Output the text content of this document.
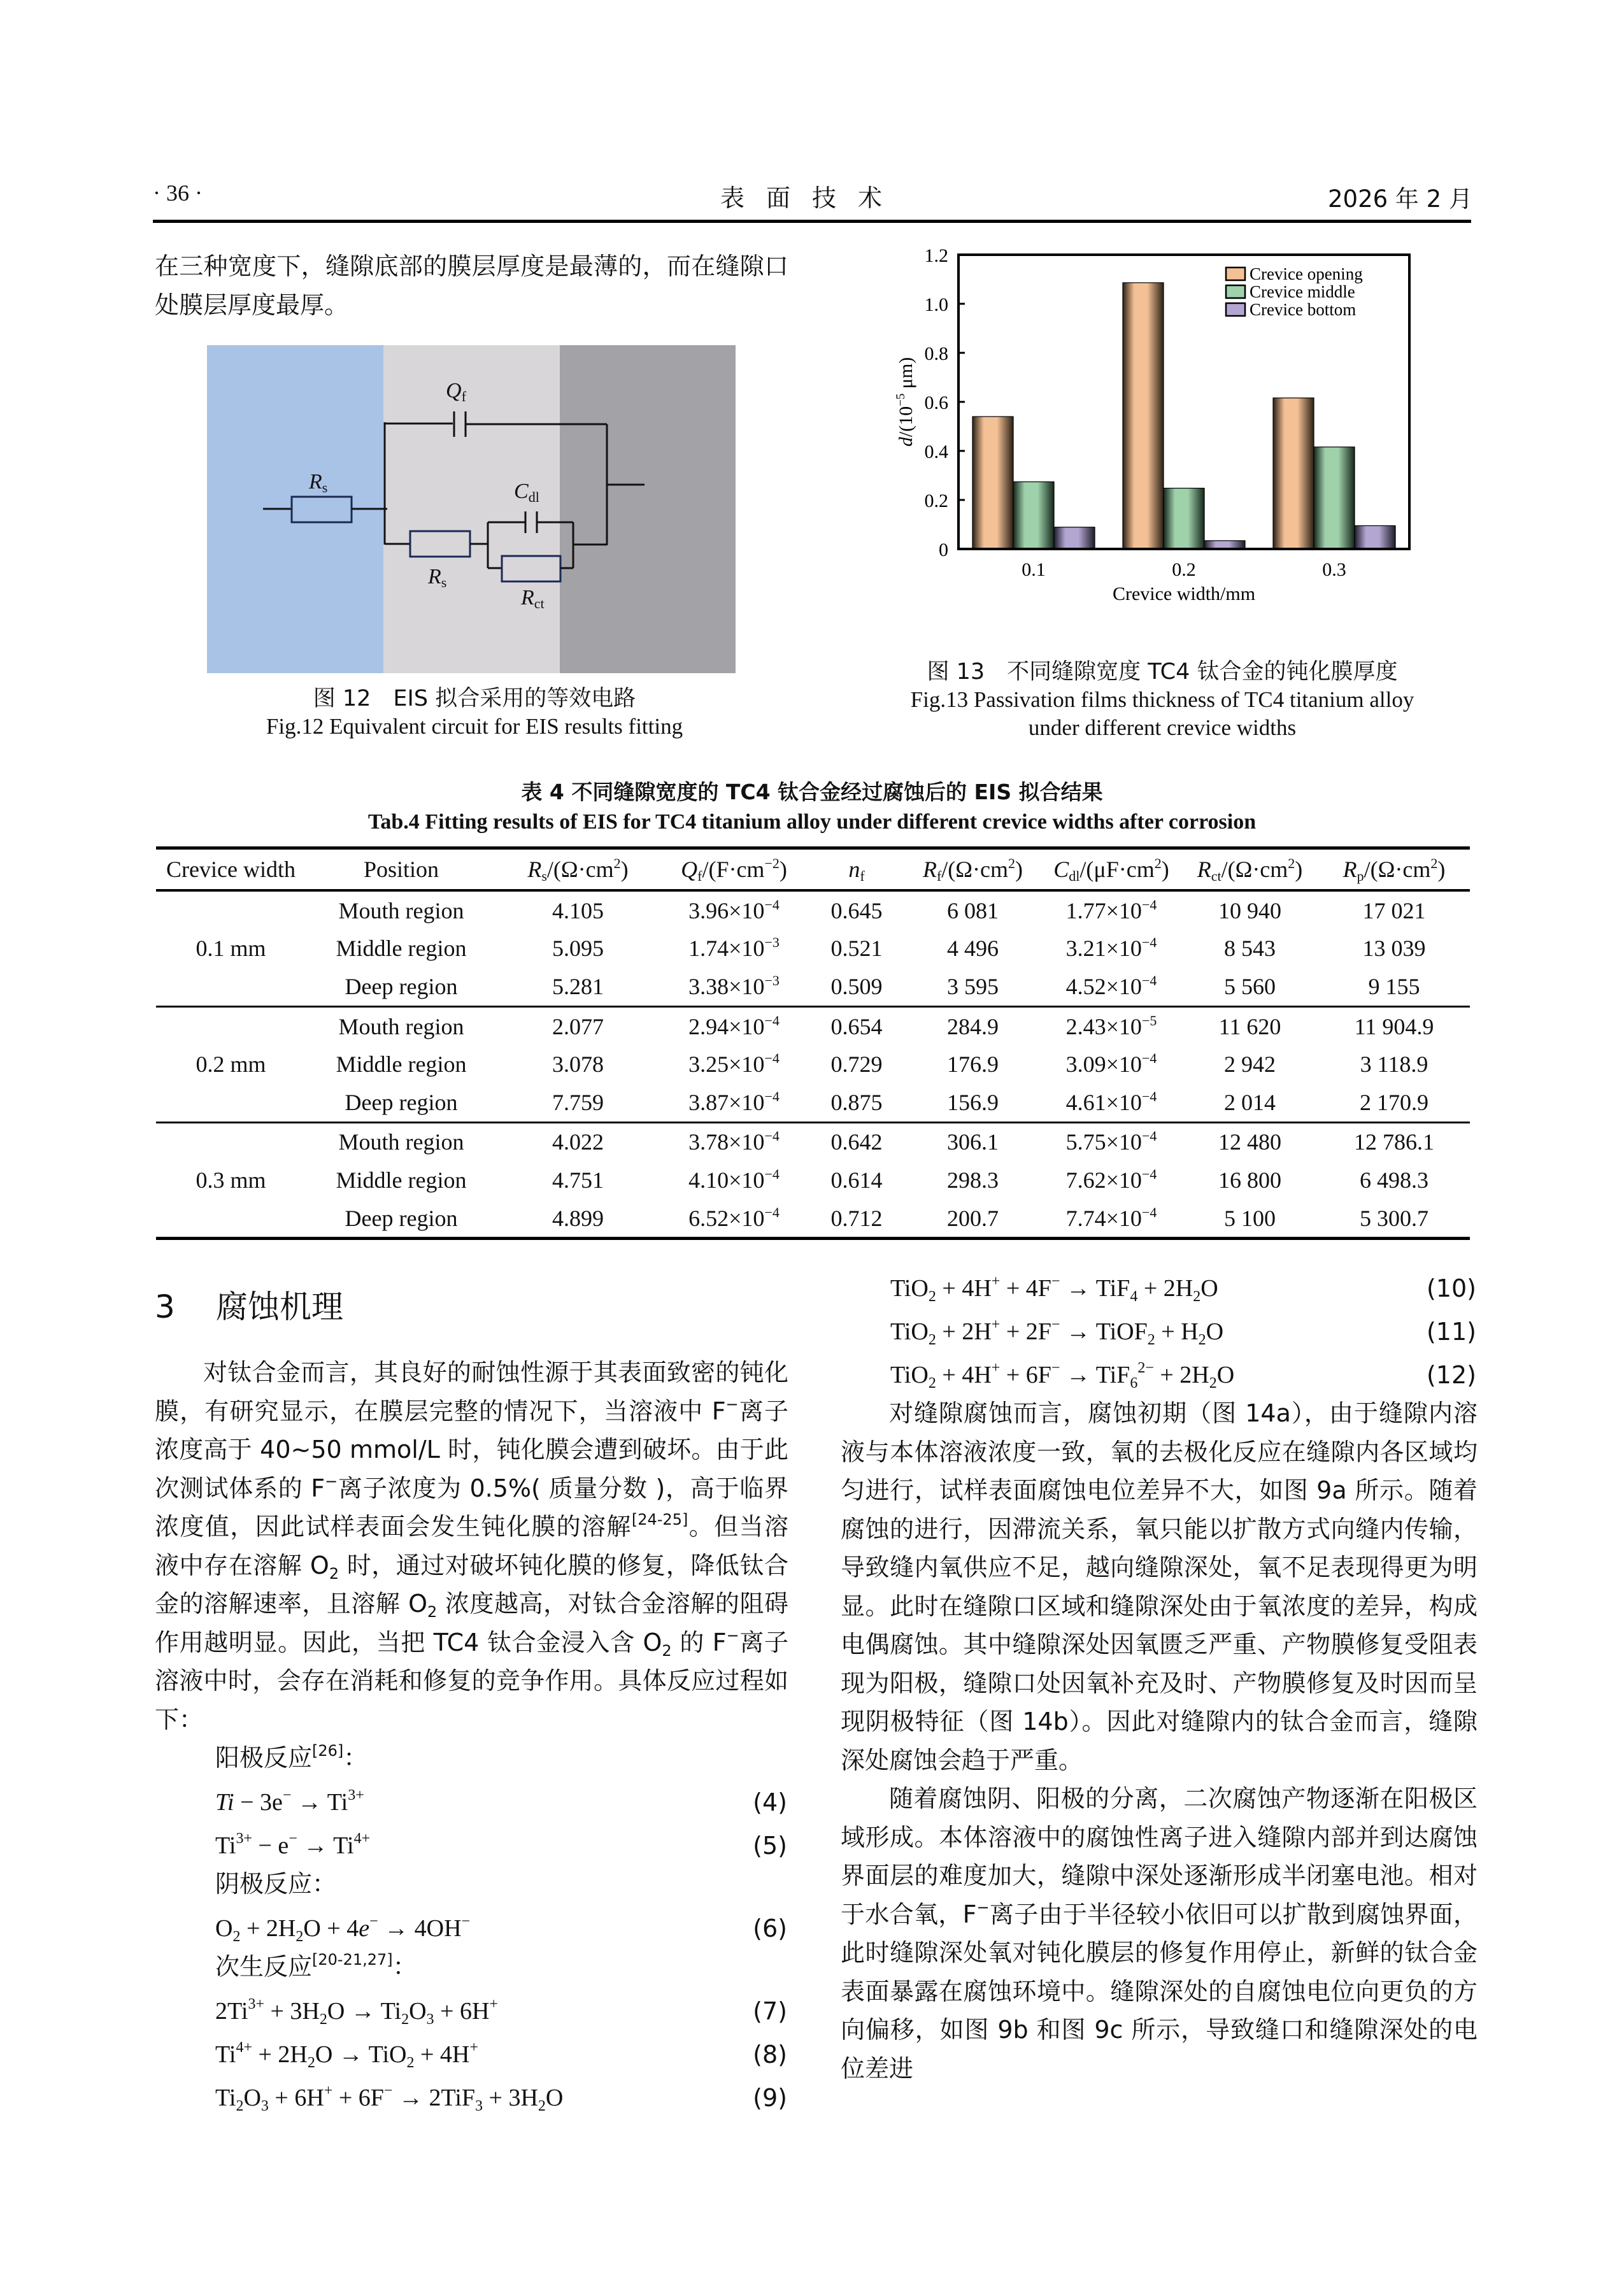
· 36 ·	表面技术	2026 年 2 月
在三种宽度下，缝隙底部的膜层厚度是最薄的，而在缝隙口处膜层厚度最厚。
Qf
Rs	Cdl
Rs
Rct
图 12　EIS 拟合采用的等效电路
Fig.12 Equivalent circuit for EIS results fitting
0
0.2
0.4
0.6
0.8
1.0
1.2
0.1	0.2	0.3
Crevice width/mm
$d/(10^{-5}$ μm)
Crevice opening
Crevice middle
Crevice bottom
图 13　不同缝隙宽度 TC4 钛合金的钝化膜厚度
Fig.13 Passivation films thickness of TC4 titanium alloy
under different crevice widths
表 4 不同缝隙宽度的 TC4 钛合金经过腐蚀后的 EIS 拟合结果
Tab.4 Fitting results of EIS for TC4 titanium alloy under different crevice widths after corrosion
Crevice width	Position	$R_s/(\Omega\cdot cm^2)$	$Q_f/(F\cdot cm^{-2})$	$n_f$	$R_f/(\Omega\cdot cm^2)$	$C_{dl}/(\mu F\cdot cm^2)$	$R_{ct}/(\Omega\cdot cm^2)$	$R_p/(\Omega\cdot cm^2)$
0.1 mm	Mouth region	4.105	$3.96\times 10^{-4}$	0.645	6 081	$1.77\times 10^{-4}$	10 940	17 021
	Middle region	5.095	$1.74\times 10^{-3}$	0.521	4 496	$3.21\times 10^{-4}$	8 543	13 039
	Deep region	5.281	$3.38\times 10^{-3}$	0.509	3 595	$4.52\times 10^{-4}$	5 560	9 155
0.2 mm	Mouth region	2.077	$2.94\times 10^{-4}$	0.654	284.9	$2.43\times 10^{-5}$	11 620	11 904.9
	Middle region	3.078	$3.25\times 10^{-4}$	0.729	176.9	$3.09\times 10^{-4}$	2 942	3 118.9
	Deep region	7.759	$3.87\times 10^{-4}$	0.875	156.9	$4.61\times 10^{-4}$	2 014	2 170.9
0.3 mm	Mouth region	4.022	$3.78\times 10^{-4}$	0.642	306.1	$5.75\times 10^{-4}$	12 480	12 786.1
	Middle region	4.751	$4.10\times 10^{-4}$	0.614	298.3	$7.62\times 10^{-4}$	16 800	6 498.3
	Deep region	4.899	$6.52\times 10^{-4}$	0.712	200.7	$7.74\times 10^{-4}$	5 100	5 300.7
3 腐蚀机理

对钛合金而言，其良好的耐蚀性源于其表面致密的钝化膜，有研究显示，在膜层完整的情况下，当溶液中 F−离子浓度高于 40~50 mmol/L 时，钝化膜会遭到破坏。由于此次测试体系的 F−离子浓度为 0.5%( 质量分数 )，高于临界浓度值，因此试样表面会发生钝化膜的溶解[24-25]。但当溶液中存在溶解 $O_2$ 时，通过对破坏钝化膜的修复，降低钛合金的溶解速率，且溶解 $O_2$ 浓度越高，对钛合金溶解的阻碍作用越明显。因此，当把 TC4 钛合金浸入含 $O_2$ 的 F−离子溶液中时，会存在消耗和修复的竞争作用。具体反应过程如下：

阳极反应[26]：
$Ti - 3e^- \to Ti^{3+}$	(4)
$Ti^{3+} - e^- \to Ti^{4+}$	(5)
阴极反应：
$O_2 + 2H_2O + 4e^- \to 4OH^-$	(6)
次生反应[20-21,27]：
$2Ti^{3+} + 3H_2O \to Ti_2O_3 + 6H^+$	(7)
$Ti^{4+} + 2H_2O \to TiO_2 + 4H^+$	(8)
$Ti_2O_3 + 6H^+ + 6F^- \to 2TiF_3 + 3H_2O$	(9)
$TiO_2 + 4H^+ + 4F^- \to TiF_4 + 2H_2O$	(10)
TiO$_2$ + 2H+ + 2F− → TiOF$_2$ + $H_2O$	(11)
$TiO_2 + 4H^+ + 6F^- \to TiF_6^{2-} + 2H_2O$	(12)

对缝隙腐蚀而言，腐蚀初期（图 14a），由于缝隙内溶液与本体溶液浓度一致，氧的去极化反应在缝隙内各区域均匀进行，试样表面腐蚀电位差异不大，如图 9a 所示。随着腐蚀的进行，因滞流关系，氧只能以扩散方式向缝内传输，导致缝内氧供应不足，越向缝隙深处，氧不足表现得更为明显。此时在缝隙口区域和缝隙深处由于氧浓度的差异，构成电偶腐蚀。其中缝隙深处因氧匮乏严重、产物膜修复受阻表现为阳极，缝隙口处因氧补充及时、产物膜修复及时因而呈现阴极特征（图 14b）。因此对缝隙内的钛合金而言，缝隙深处腐蚀会趋于严重。

随着腐蚀阴、阳极的分离，二次腐蚀产物逐渐在阳极区域形成。本体溶液中的腐蚀性离子进入缝隙内部并到达腐蚀界面层的难度加大，缝隙中深处逐渐形成半闭塞电池。相对于水合氧，F−离子由于半径较小依旧可以扩散到腐蚀界面，此时缝隙深处氧对钝化膜层的修复作用停止，新鲜的钛合金表面暴露在腐蚀环境中。缝隙深处的自腐蚀电位向更负的方向偏移，如图 9b 和图 9c 所示，导致缝口和缝隙深处的电位差进
